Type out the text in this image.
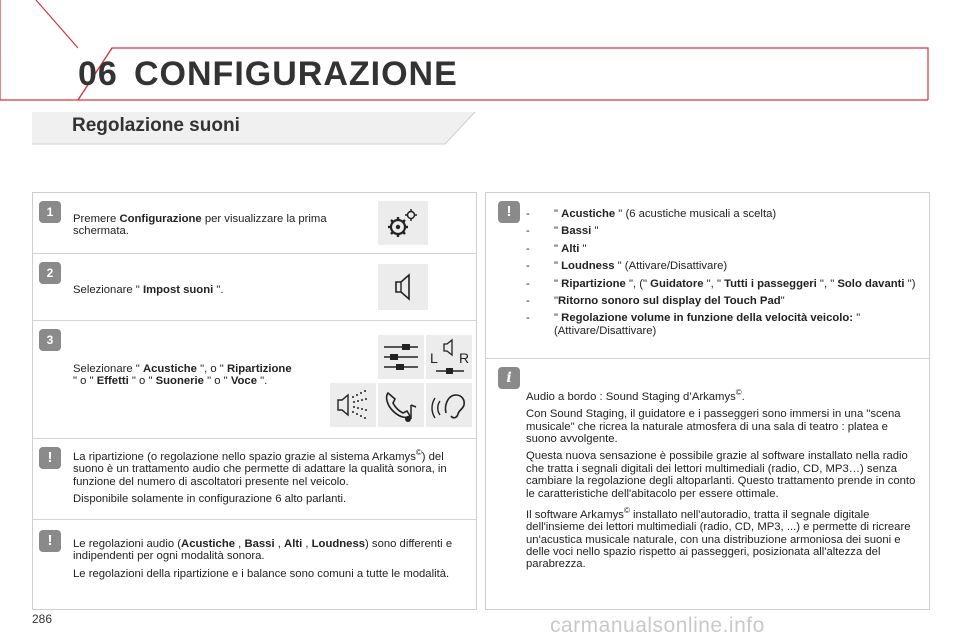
06 CONFIGURAZIONE
Regolazione suoni
1	Premere Configurazione per visualizzare la prima schermata.
2
Selezionare " Impost suoni ".
3
Selezionare " Acustiche ", o " Ripartizione " o " Effetti " o " Suonerie " o " Voce ".
L R
!	La ripartizione (o regolazione nello spazio grazie al sistema Arkamys©) del suono è un trattamento audio che permette di adattare la qualità sonora, in funzione del numero di ascoltatori presente nel veicolo.

Disponibile solamente in configurazione 6 alto parlanti.

!	Le regolazioni audio (Acustiche , Bassi , Alti , Loudness) sono differenti e indipendenti per ogni modalità sonora.

Le regolazioni della ripartizione e i balance sono comuni a tutte le modalità.

!	- " Acustiche " (6 acustiche musicali a scelta)
- " Bassi "
- " Alti "
- " Loudness " (Attivare/Disattivare)
- " Ripartizione ", (" Guidatore ", " Tutti i passeggeri ", " Solo davanti ")
- "Ritorno sonoro sul display del Touch Pad"
- " Regolazione volume in funzione della velocità veicolo: " (Attivare/Disattivare)
i

Audio a bordo : Sound Staging d’Arkamys©.

Con Sound Staging, il guidatore e i passeggeri sono immersi in una "scena musicale" che ricrea la naturale atmosfera di una sala di teatro : platea e suono avvolgente.

Questa nuova sensazione è possibile grazie al software installato nella radio che tratta i segnali digitali dei lettori multimediali (radio, CD, MP3…) senza cambiare la regolazione degli altoparlanti. Questo trattamento prende in conto le caratteristiche dell'abitacolo per essere ottimale.

Il software Arkamys© installato nell'autoradio, tratta il segnale digitale dell'insieme dei lettori multimediali (radio, CD, MP3, ...) e permette di ricreare un'acustica musicale naturale, con una distribuzione armoniosa dei suoni e delle voci nello spazio rispetto ai passeggeri, posizionata all'altezza del parabrezza.

286	carmanualsonline.info
